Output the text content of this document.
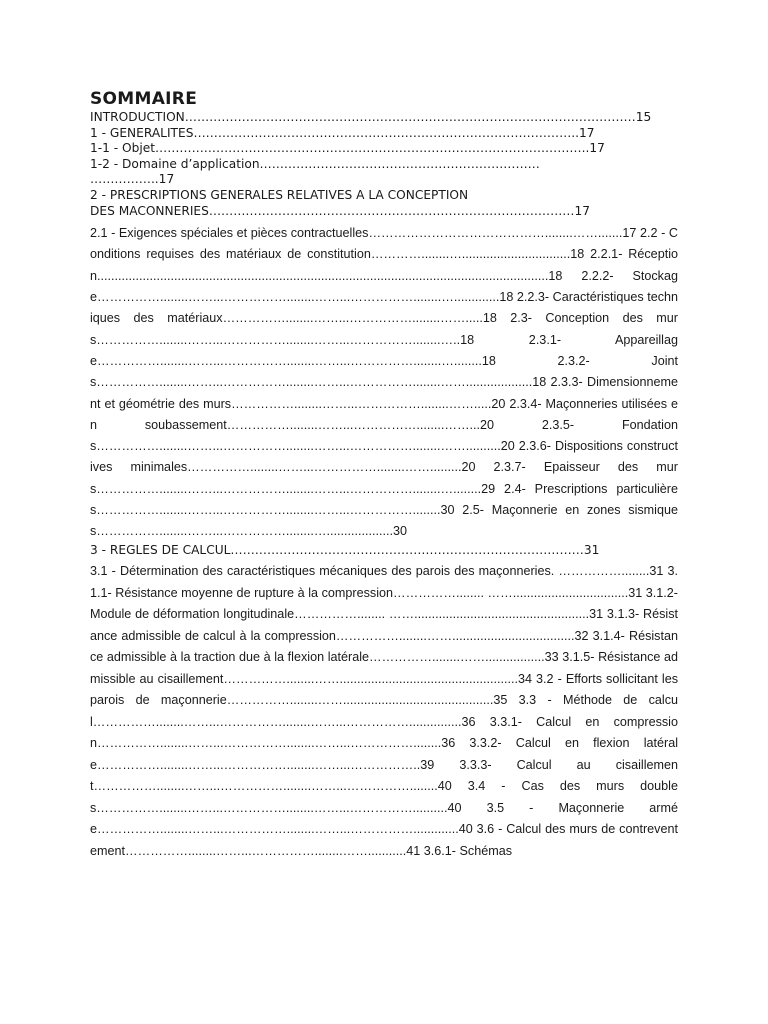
SOMMAIRE
INTRODUCTION…………………………………………………………………………………………………15
1 - GENERALITES…………………………………………………………………………………..17
1-1 - Objet……………………………………………………………………………………………..17
1-2 - Domaine d’application……………………………………………………………
……………..17
2 - PRESCRIPTIONS GENERALES RELATIVES A LA CONCEPTION
DES MACONNERIES………………………………………………………………………………17
2.1 - Exigences spéciales et pièces contractuelles……………………………………........…….......17 2.2 - Conditions requises des matériaux de constitution…………........…...............................18 2.2.1- Réception.................................................................................................................................18 2.2.2- Stockage……………........……...……………........……...……………........….............18 2.2.3- Caractéristiques techniques des matériaux……………........……...……………........…….....18 2.3- Conception des murs……………........……...……………........……...……………........…..18 2.3.1- Appareillage……………........……...……………........……...……………........…........18 2.3.2- Joints……………........……...……………........……...……………........……...................18 2.3.3- Dimensionnement et géométrie des murs……………........……...……………........…….....20 2.3.4- Maçonneries utilisées en soubassement……………........……...……………........……...20 2.3.5- Fondations……………........……...……………........……...……………........……..........20 2.3.6- Dispositions constructives minimales……………........……...……………........…….........20 2.3.7- Epaisseur des murs……………........……...……………........……...……………........…........29 2.4- Prescriptions particulières……………........……...……………........……...……………........30 2.5- Maçonnerie en zones sismiques……………........……...……………........…...................30
3 - REGLES DE CALCUL……………………………………………………………………………31
3.1 - Détermination des caractéristiques mécaniques des parois des maçonneries. ……………........31 3.1.1- Résistance moyenne de rupture à la compression……………........ …….................................31 3.1.2- Module de déformation longitudinale……………........ ……..................................................31 3.1.3- Résistance admissible de calcul à la compression……………........……...................................32 3.1.4- Résistance admissible à la traction due à la flexion latérale……………........…….................33 3.1.5- Résistance admissible au cisaillement……………........……...................................................34 3.2 - Efforts sollicitant les parois de maçonnerie……………........……...........................................35 3.3 - Méthode de calcul……………........……...……………........……...……………...............36 3.3.1- Calcul en compression……………........……...……………........……...……………........36 3.3.2- Calcul en flexion latérale……………........……...……………........……...……………..39 3.3.3- Calcul au cisaillement……………........……...……………........……...……………........40 3.4 - Cas des murs doubles……………........……...……………........……...……………..........40 3.5 - Maçonnerie armée……………........……...……………........……...…………….............40 3.6 - Calcul des murs de contreventement……………........……...……………........……...........41 3.6.1- Schémas
